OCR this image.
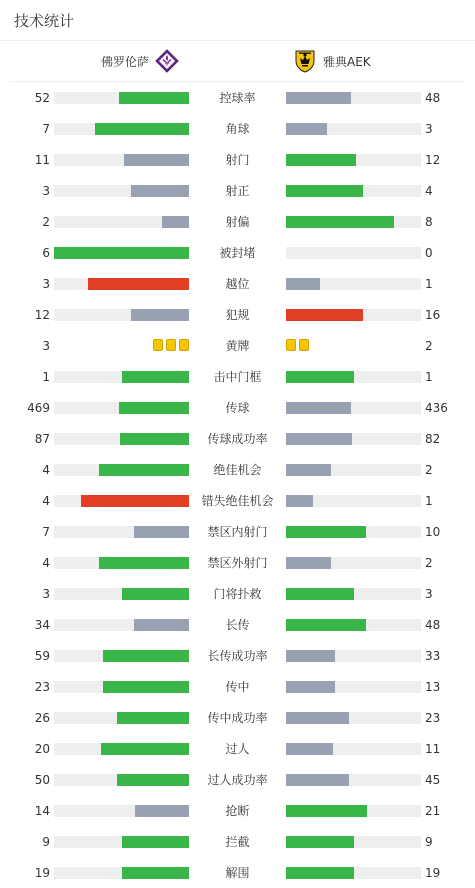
技术统计
佛罗伦萨	雅典AEK
52	控球率	48
7	角球	3
11	射门	12
3	射正	4
2	射偏	8
6	被封堵	0
3	越位	1
12	犯规	16
3	黄牌	2
1	击中门框	1
469	传球	436
87	传球成功率	82
4	绝佳机会	2
4	错失绝佳机会	1
7	禁区内射门	10
4	禁区外射门	2
3	门将扑救	3
34	长传	48
59	长传成功率	33
23	传中	13
26	传中成功率	23
20	过人	11
50	过人成功率	45
14	抢断	21
9	拦截	9
19	解围	19
